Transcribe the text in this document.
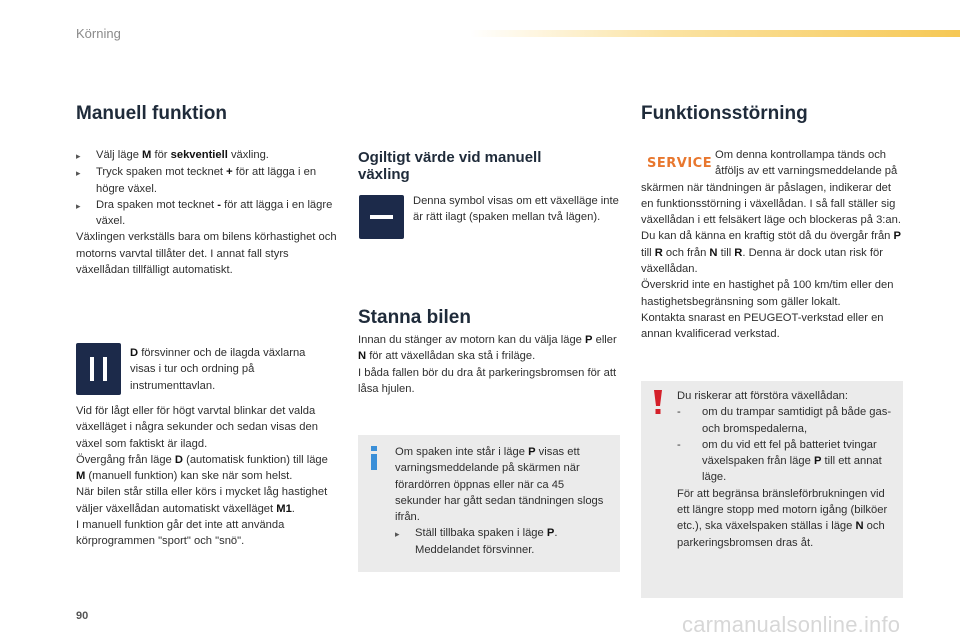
Körning
Manuell funktion
▸	Välj läge M för sekventiell växling.
▸	Tryck spaken mot tecknet + för att lägga i en högre växel.
▸	Dra spaken mot tecknet - för att lägga i en lägre växel.

Växlingen verkställs bara om bilens körhastighet och motorns varvtal tillåter det. I annat fall styrs växellådan tillfälligt automatiskt.

D försvinner och de ilagda växlarna visas i tur och ordning på instrumenttavlan.

Vid för lågt eller för högt varvtal blinkar det valda växelläget i några sekunder och sedan visas den växel som faktiskt är ilagd.

Övergång från läge D (automatisk funktion) till läge M (manuell funktion) kan ske när som helst.

När bilen står stilla eller körs i mycket låg hastighet väljer växellådan automatiskt växelläget M1.

I manuell funktion går det inte att använda körprogrammen "sport" och "snö".

Ogiltigt värde vid manuell växling
Denna symbol visas om ett växelläge inte är rätt ilagt (spaken mellan två lägen).
Stanna bilen

Innan du stänger av motorn kan du välja läge P eller N för att växellådan ska stå i friläge.

I båda fallen bör du dra åt parkeringsbromsen för att låsa hjulen.

Om spaken inte står i läge P visas ett varningsmeddelande på skärmen när förardörren öppnas eller när ca 45 sekunder har gått sedan tändningen slogs ifrån.

▸	Ställ tillbaka spaken i läge P. Meddelandet försvinner.
Funktionsstörning
SERVICE

Om denna kontrollampa tänds och åtföljs av ett varningsmeddelande på skärmen när tändningen är påslagen, indikerar det en funktionsstörning i växellådan. I så fall ställer sig växellådan i ett felsäkert läge och blockeras på 3:an. Du kan då känna en kraftig stöt då du övergår från P till R och från N till R. Denna är dock utan risk för växellådan.

Överskrid inte en hastighet på 100 km/tim eller den hastighetsbegränsning som gäller lokalt.

Kontakta snarast en PEUGEOT-verkstad eller en annan kvalificerad verkstad.

Du riskerar att förstöra växellådan:

-	om du trampar samtidigt på både gas- och bromspedalerna,
-	om du vid ett fel på batteriet tvingar växelspaken från läge P till ett annat läge.

För att begränsa bränsleförbrukningen vid ett längre stopp med motorn igång (bilköer etc.), ska växelspaken ställas i läge N och parkeringsbromsen dras åt.

90	carmanualsonline.info
